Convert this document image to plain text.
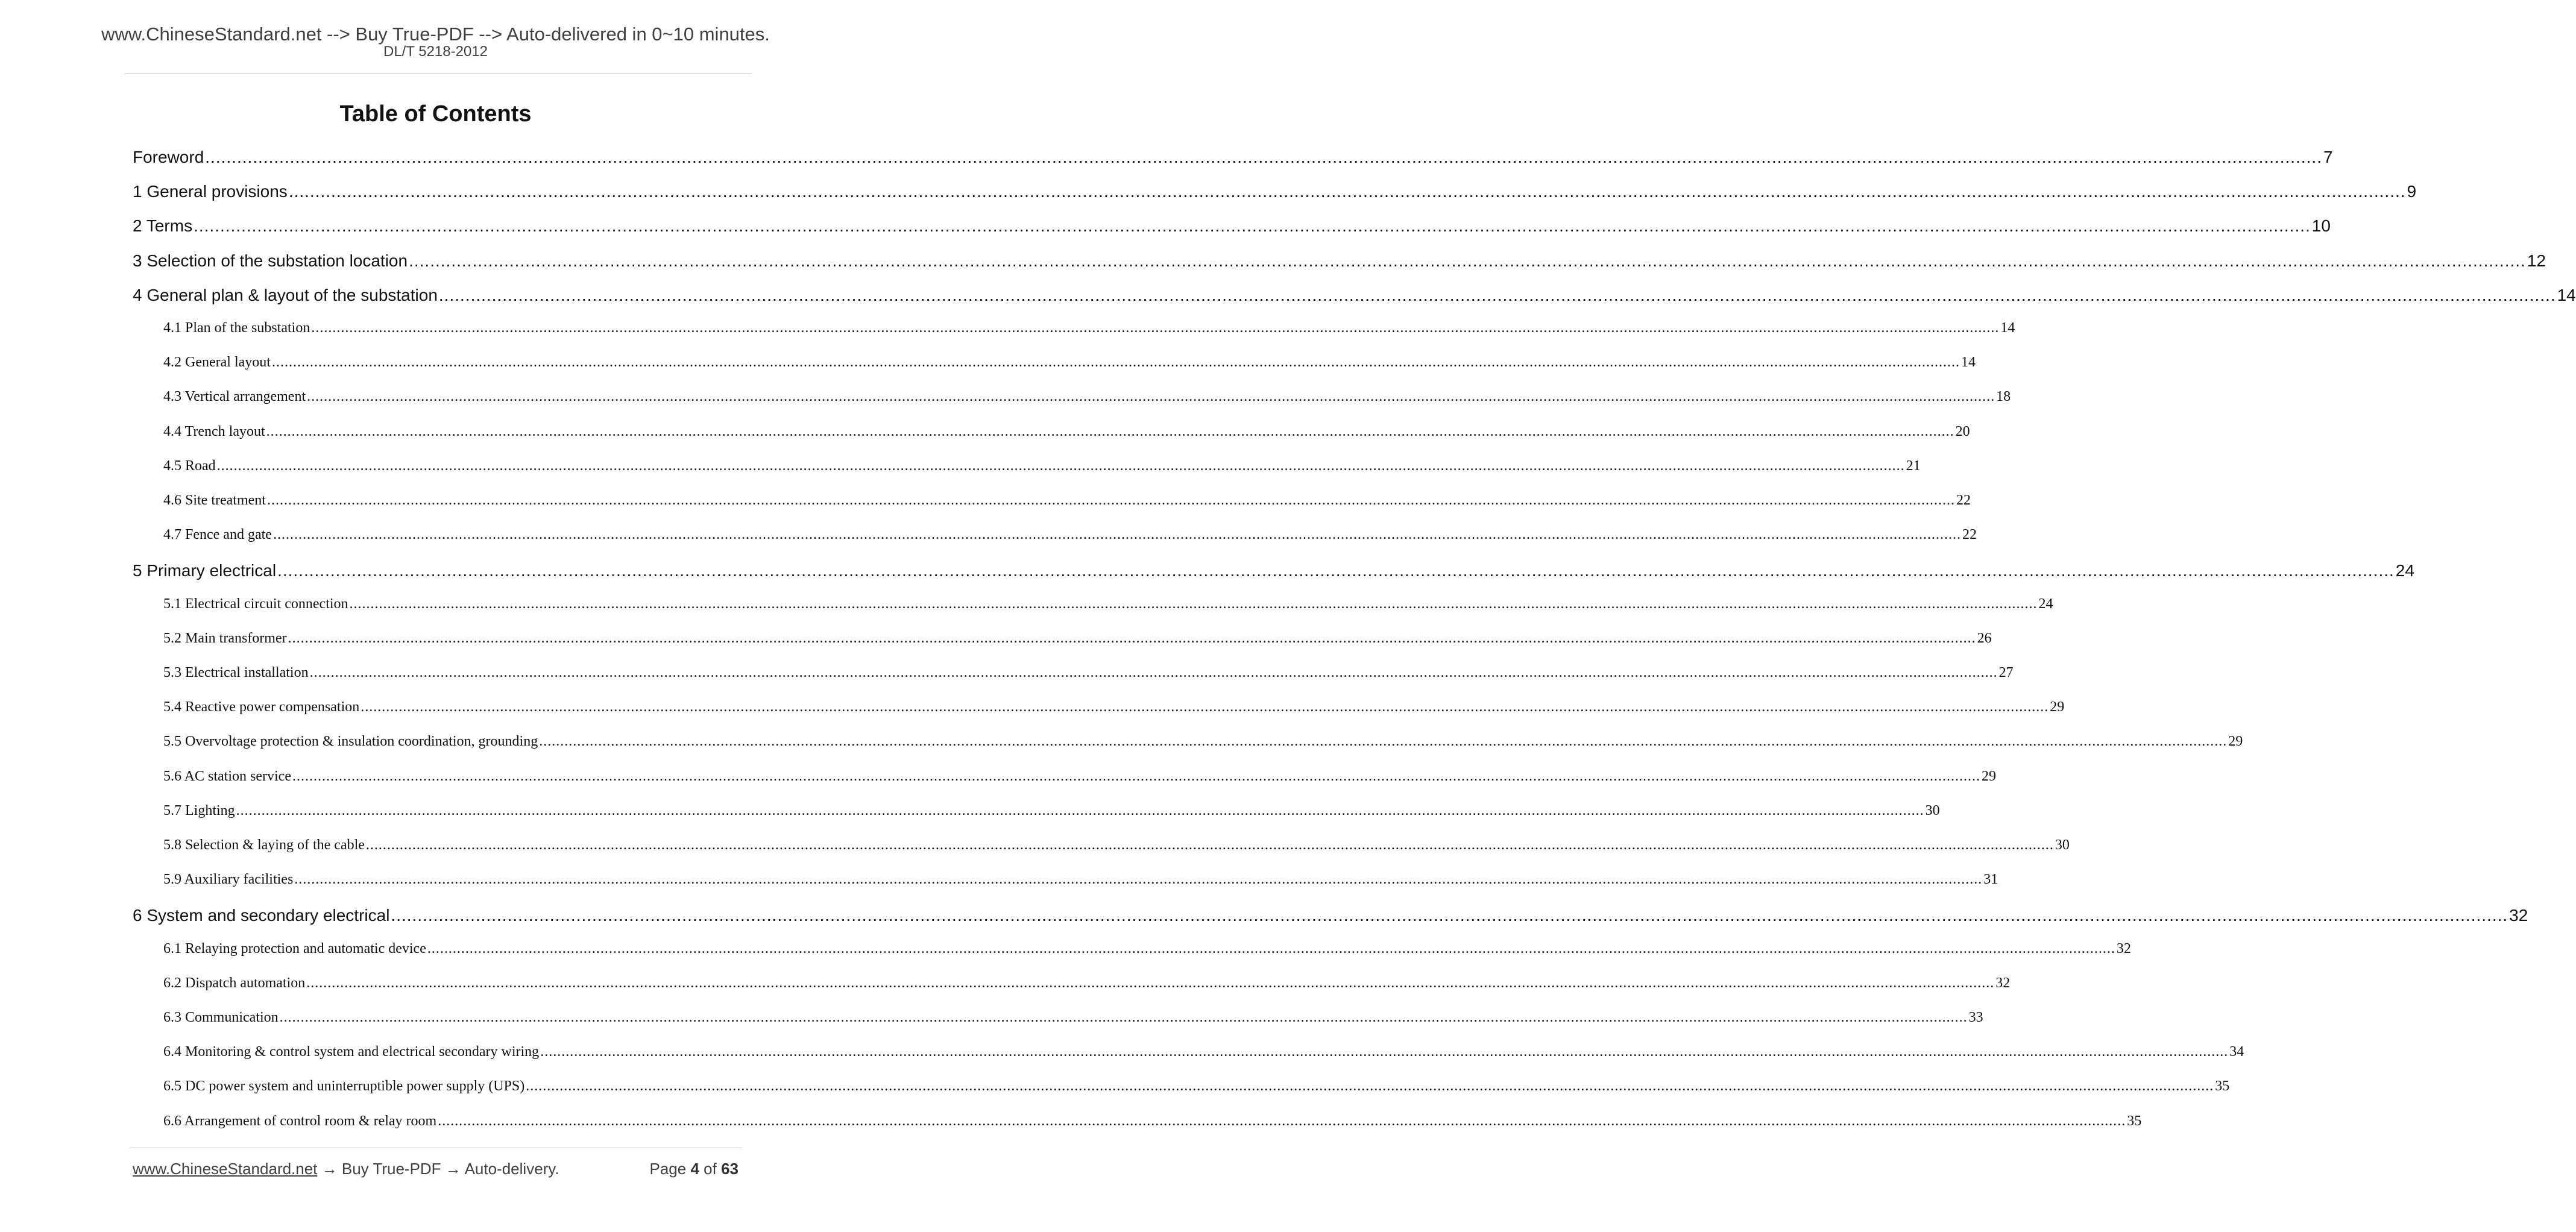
www.ChineseStandard.net --> Buy True-PDF --> Auto-delivered in 0~10 minutes.
DL/T 5218-2012
Table of Contents
Foreword ................................................................................................................................................................................................................................................................................................................................................................................................................ 7
1 General provisions ................................................................................................................................................................................................................................................................................................................................................................................................................ 9
2 Terms ................................................................................................................................................................................................................................................................................................................................................................................................................ 10
3 Selection of the substation location ................................................................................................................................................................................................................................................................................................................................................................................................................ 12
4 General plan & layout of the substation ................................................................................................................................................................................................................................................................................................................................................................................................................ 14
4.1 Plan of the substation ................................................................................................................................................................................................................................................................................................................................................................................................................ 14
4.2 General layout ................................................................................................................................................................................................................................................................................................................................................................................................................ 14
4.3 Vertical arrangement ................................................................................................................................................................................................................................................................................................................................................................................................................ 18
4.4 Trench layout ................................................................................................................................................................................................................................................................................................................................................................................................................ 20
4.5 Road ................................................................................................................................................................................................................................................................................................................................................................................................................ 21
4.6 Site treatment ................................................................................................................................................................................................................................................................................................................................................................................................................ 22
4.7 Fence and gate ................................................................................................................................................................................................................................................................................................................................................................................................................ 22
5 Primary electrical ................................................................................................................................................................................................................................................................................................................................................................................................................ 24
5.1 Electrical circuit connection ................................................................................................................................................................................................................................................................................................................................................................................................................ 24
5.2 Main transformer ................................................................................................................................................................................................................................................................................................................................................................................................................ 26
5.3 Electrical installation ................................................................................................................................................................................................................................................................................................................................................................................................................ 27
5.4 Reactive power compensation ................................................................................................................................................................................................................................................................................................................................................................................................................ 29
5.5 Overvoltage protection & insulation coordination, grounding ................................................................................................................................................................................................................................................................................................................................................................................................................ 29
5.6 AC station service ................................................................................................................................................................................................................................................................................................................................................................................................................ 29
5.7 Lighting ................................................................................................................................................................................................................................................................................................................................................................................................................ 30
5.8 Selection & laying of the cable ................................................................................................................................................................................................................................................................................................................................................................................................................ 30
5.9 Auxiliary facilities ................................................................................................................................................................................................................................................................................................................................................................................................................ 31
6 System and secondary electrical ................................................................................................................................................................................................................................................................................................................................................................................................................ 32
6.1 Relaying protection and automatic device ................................................................................................................................................................................................................................................................................................................................................................................................................ 32
6.2 Dispatch automation ................................................................................................................................................................................................................................................................................................................................................................................................................ 32
6.3 Communication ................................................................................................................................................................................................................................................................................................................................................................................................................ 33
6.4 Monitoring & control system and electrical secondary wiring ................................................................................................................................................................................................................................................................................................................................................................................................................ 34
6.5 DC power system and uninterruptible power supply (UPS) ................................................................................................................................................................................................................................................................................................................................................................................................................ 35
6.6 Arrangement of control room & relay room ................................................................................................................................................................................................................................................................................................................................................................................................................ 35
www.ChineseStandard.net → Buy True-PDF → Auto-delivery.	Page 4 of 63
